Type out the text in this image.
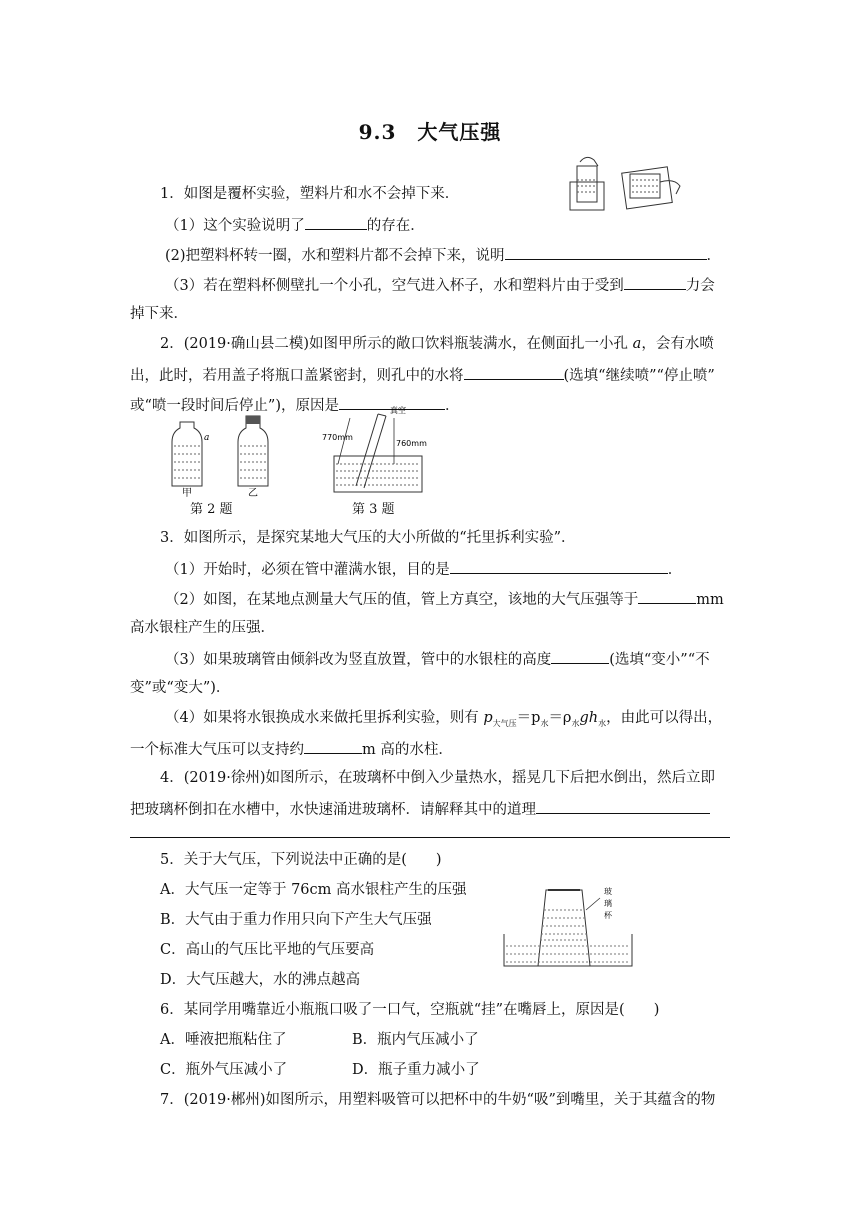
9.3　大气压强
1．如图是覆杯实验，塑料片和水不会掉下来．
（1）这个实验说明了	的存在．
(2)把塑料杯转一圈，水和塑料片都不会掉下来，说明	．
（3）若在塑料杯侧壁扎一个小孔，空气进入杯子，水和塑料片由于受到	力会
掉下来．
2．(2019·确山县二模)如图甲所示的敞口饮料瓶装满水，在侧面扎一小孔 a，会有水喷
出，此时，若用盖子将瓶口盖紧密封，则孔中的水将	(选填“继续喷”“停止喷”
或“喷一段时间后停止”)，原因是	．
a
甲	乙
真空
770mm
760mm
第 2 题	第 3 题
3．如图所示，是探究某地大气压的大小所做的“托里拆利实验”．
（1）开始时，必须在管中灌满水银，目的是	．
（2）如图，在某地点测量大气压的值，管上方真空，该地的大气压强等于	mm
高水银柱产生的压强．
（3）如果玻璃管由倾斜改为竖直放置，管中的水银柱的高度	(选填“变小”“不
变”或“变大”)．
（4）如果将水银换成水来做托里拆利实验，则有 $p_{大气压}=p_水=\rho_水gh_水$，由此可以得出，
一个标准大气压可以支持约	m 高的水柱．
4．(2019·徐州)如图所示，在玻璃杯中倒入少量热水，摇晃几下后把水倒出，然后立即
把玻璃杯倒扣在水槽中，水快速涌进玻璃杯．请解释其中的道理
5．关于大气压，下列说法中正确的是(　　)
A．大气压一定等于 76cm 高水银柱产生的压强
B．大气由于重力作用只向下产生大气压强
C．高山的气压比平地的气压要高
D．大气压越大，水的沸点越高
玻
璃
杯
6．某同学用嘴靠近小瓶瓶口吸了一口气，空瓶就“挂”在嘴唇上，原因是(　　)
A．唾液把瓶粘住了	B．瓶内气压减小了
C．瓶外气压减小了	D．瓶子重力减小了
7．(2019·郴州)如图所示，用塑料吸管可以把杯中的牛奶“吸”到嘴里，关于其蕴含的物
